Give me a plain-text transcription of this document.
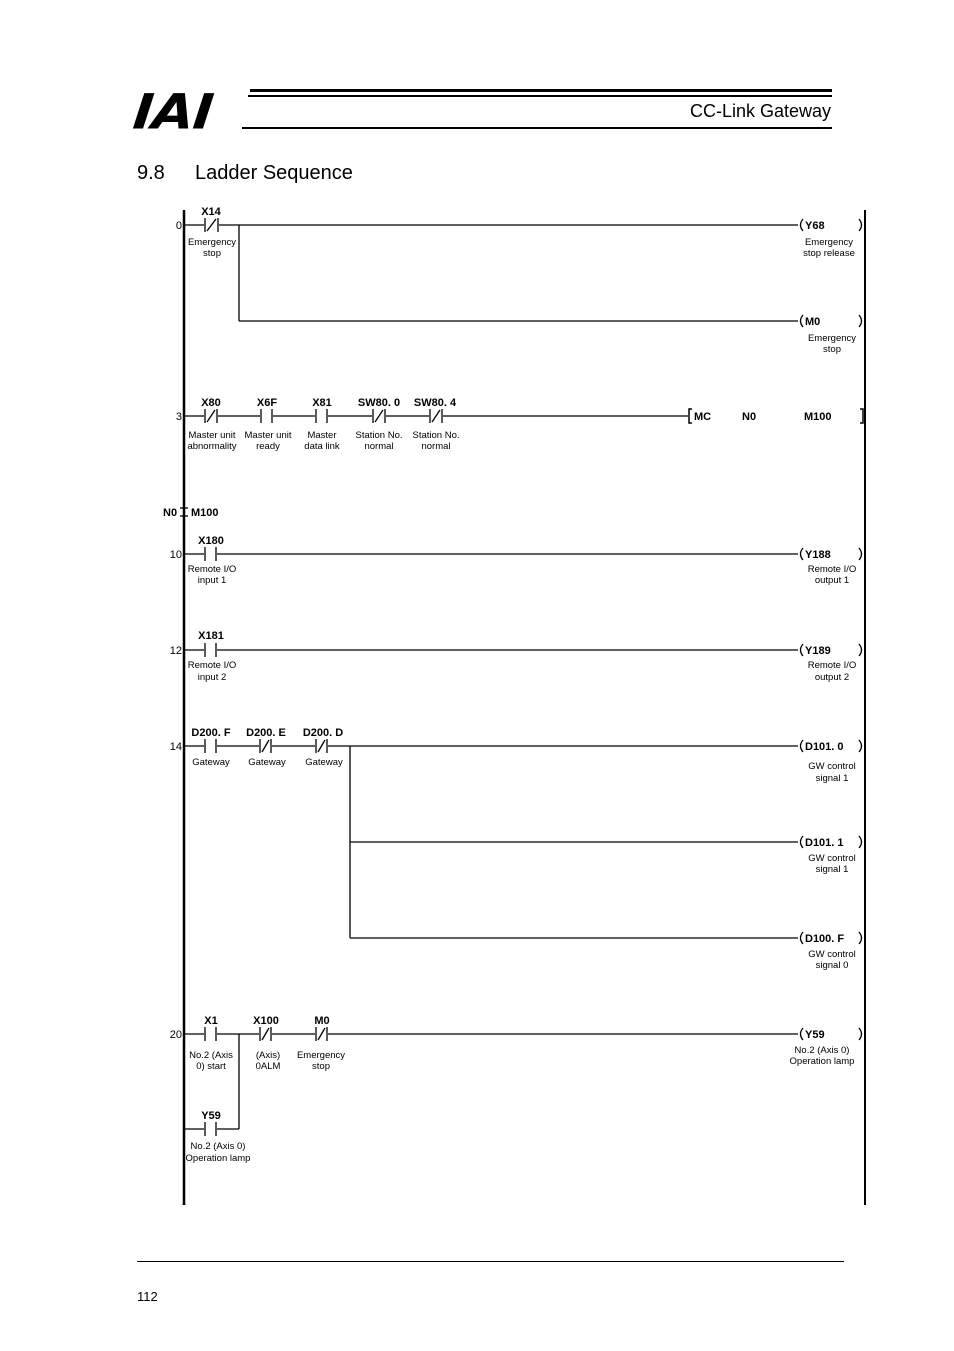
IAI	CC-Link Gateway
9.8 Ladder Sequence
0
3
10
12
14
20
MC	N0	M100
N0 M100
X14
X80	X6F	X81 SW80. 0 SW80. 4
X180
X181
D200. F D200. E D200. D
X1	X100	M0
Y59
Y68
M0
Y188
Y189
D101. 0
D101. 1
D100. F
Y59
Emergency
stop
Master unit
abnormality
Master unit
ready
Master
data link
Station No.
normal
Station No.
normal
Remote I/O
input 1
Remote I/O
input 2
Gateway Gateway Gateway
No.2 (Axis
0) start
(Axis)
0ALM
Emergency
stop
No.2 (Axis 0)
Operation lamp
Emergency
stop release
Emergency
stop
Remote I/O
output 1
Remote I/O
output 2
GW control
signal 1
GW control
signal 1
GW control
signal 0
No.2 (Axis 0)
Operation lamp
112
